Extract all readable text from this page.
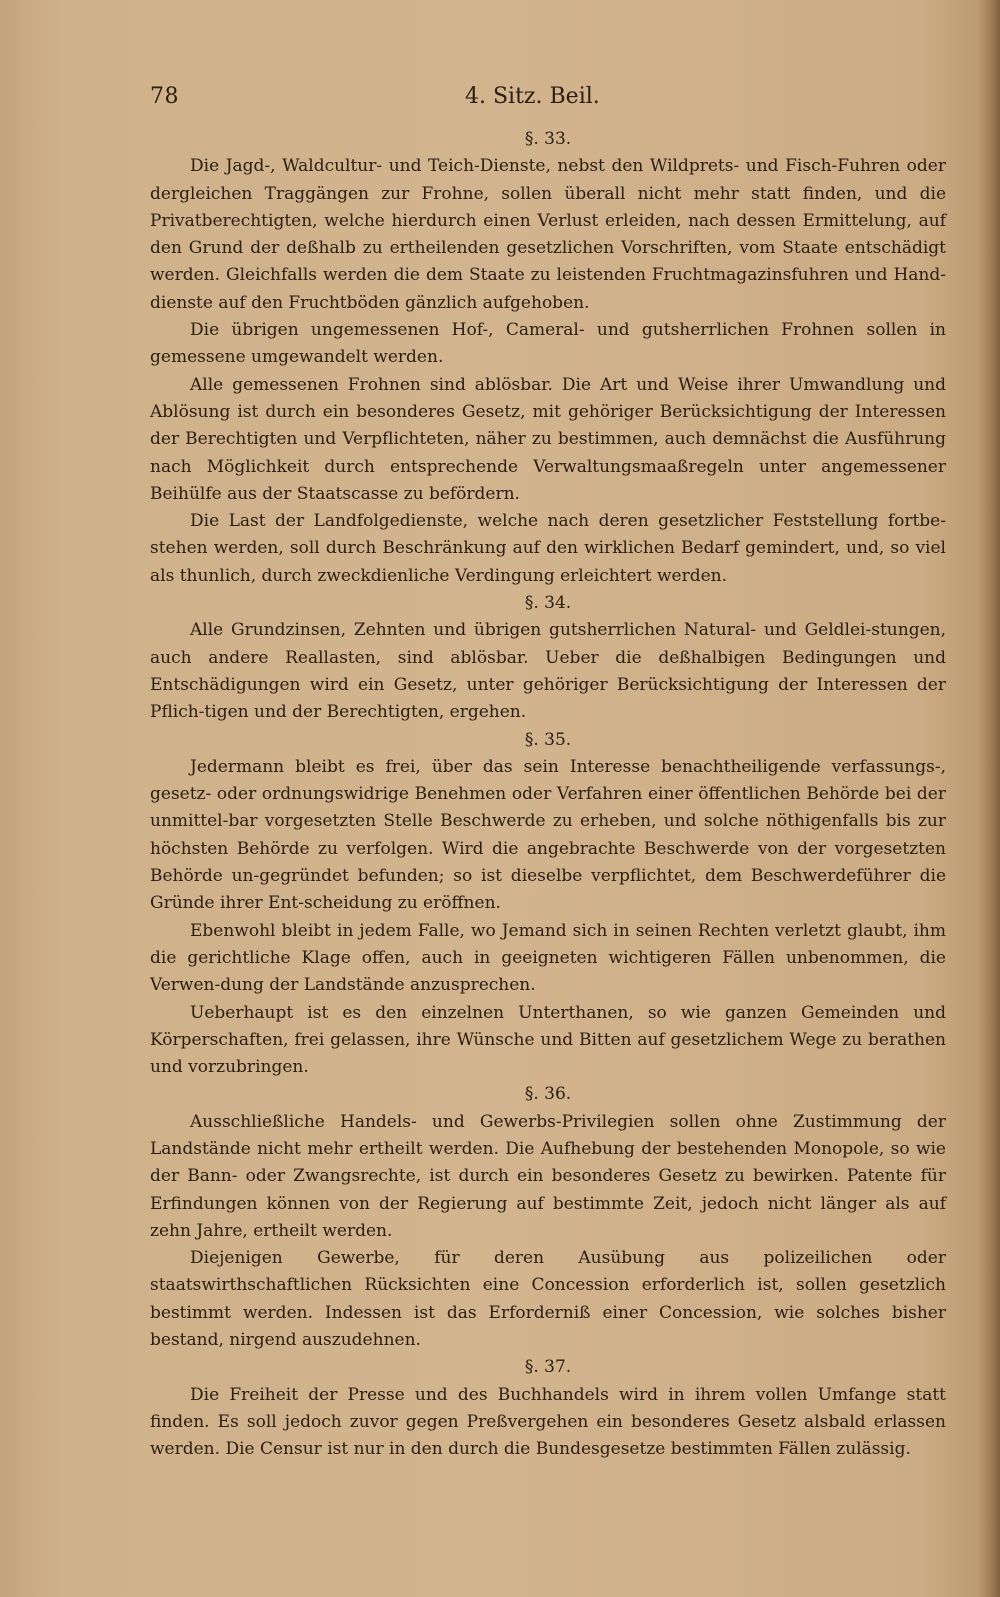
78	4. Sitz. Beil.

§. 33.

Die Jagd-, Waldcultur- und Teich-Dienste, nebst den Wildprets- und Fisch-Fuhren oder dergleichen Traggängen zur Frohne, sollen überall nicht mehr statt finden, und die Privatberechtigten, welche hierdurch einen Verlust erleiden, nach dessen Ermittelung, auf den Grund der deßhalb zu ertheilenden gesetzlichen Vorschriften, vom Staate entschädigt werden. Gleichfalls werden die dem Staate zu leistenden Fruchtmagazinsfuhren und Hand-dienste auf den Fruchtböden gänzlich aufgehoben.

Die übrigen ungemessenen Hof-, Cameral- und gutsherrlichen Frohnen sollen in gemessene umgewandelt werden.

Alle gemessenen Frohnen sind ablösbar. Die Art und Weise ihrer Umwandlung und Ablösung ist durch ein besonderes Gesetz, mit gehöriger Berücksichtigung der Interessen der Berechtigten und Verpflichteten, näher zu bestimmen, auch demnächst die Ausführung nach Möglichkeit durch entsprechende Verwaltungsmaaßregeln unter angemessener Beihülfe aus der Staatscasse zu befördern.

Die Last der Landfolgedienste, welche nach deren gesetzlicher Feststellung fortbe-stehen werden, soll durch Beschränkung auf den wirklichen Bedarf gemindert, und, so viel als thunlich, durch zweckdienliche Verdingung erleichtert werden.

§. 34.

Alle Grundzinsen, Zehnten und übrigen gutsherrlichen Natural- und Geldlei-stungen, auch andere Reallasten, sind ablösbar. Ueber die deßhalbigen Bedingungen und Entschädigungen wird ein Gesetz, unter gehöriger Berücksichtigung der Interessen der Pflich-tigen und der Berechtigten, ergehen.

§. 35.

Jedermann bleibt es frei, über das sein Interesse benachtheiligende verfassungs-, gesetz- oder ordnungswidrige Benehmen oder Verfahren einer öffentlichen Behörde bei der unmittel-bar vorgesetzten Stelle Beschwerde zu erheben, und solche nöthigenfalls bis zur höchsten Behörde zu verfolgen. Wird die angebrachte Beschwerde von der vorgesetzten Behörde un-gegründet befunden; so ist dieselbe verpflichtet, dem Beschwerdeführer die Gründe ihrer Ent-scheidung zu eröffnen.

Ebenwohl bleibt in jedem Falle, wo Jemand sich in seinen Rechten verletzt glaubt, ihm die gerichtliche Klage offen, auch in geeigneten wichtigeren Fällen unbenommen, die Verwen-dung der Landstände anzusprechen.

Ueberhaupt ist es den einzelnen Unterthanen, so wie ganzen Gemeinden und Körperschaften, frei gelassen, ihre Wünsche und Bitten auf gesetzlichem Wege zu berathen und vorzubringen.

§. 36.

Ausschließliche Handels- und Gewerbs-Privilegien sollen ohne Zustimmung der Landstände nicht mehr ertheilt werden. Die Aufhebung der bestehenden Monopole, so wie der Bann- oder Zwangsrechte, ist durch ein besonderes Gesetz zu bewirken. Patente für Erfindungen können von der Regierung auf bestimmte Zeit, jedoch nicht länger als auf zehn Jahre, ertheilt werden.

Diejenigen Gewerbe, für deren Ausübung aus polizeilichen oder staatswirthschaftlichen Rücksichten eine Concession erforderlich ist, sollen gesetzlich bestimmt werden. Indessen ist das Erforderniß einer Concession, wie solches bisher bestand, nirgend auszudehnen.

§. 37.

Die Freiheit der Presse und des Buchhandels wird in ihrem vollen Umfange statt finden. Es soll jedoch zuvor gegen Preßvergehen ein besonderes Gesetz alsbald erlassen werden. Die Censur ist nur in den durch die Bundesgesetze bestimmten Fällen zulässig.
